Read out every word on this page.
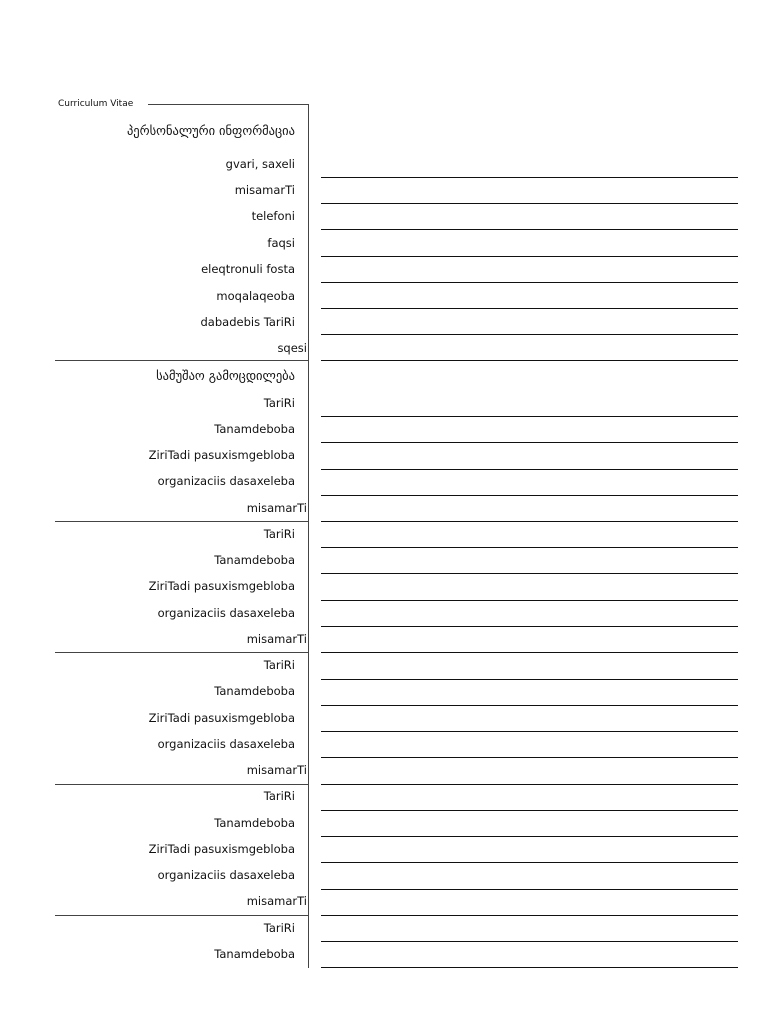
Curriculum Vitae
პერსონალური ინფორმაცია
gvari, saxeli
misamarTi
telefoni
faqsi
eleqtronuli fosta
moqalaqeoba
dabadebis TariRi
sqesi
სამუშაო გამოცდილება
TariRi
Tanamdeboba
ZiriTadi pasuxismgebloba
organizaciis dasaxeleba
misamarTi
TariRi
Tanamdeboba
ZiriTadi pasuxismgebloba
organizaciis dasaxeleba
misamarTi
TariRi
Tanamdeboba
ZiriTadi pasuxismgebloba
organizaciis dasaxeleba
misamarTi
TariRi
Tanamdeboba
ZiriTadi pasuxismgebloba
organizaciis dasaxeleba
misamarTi
TariRi
Tanamdeboba
